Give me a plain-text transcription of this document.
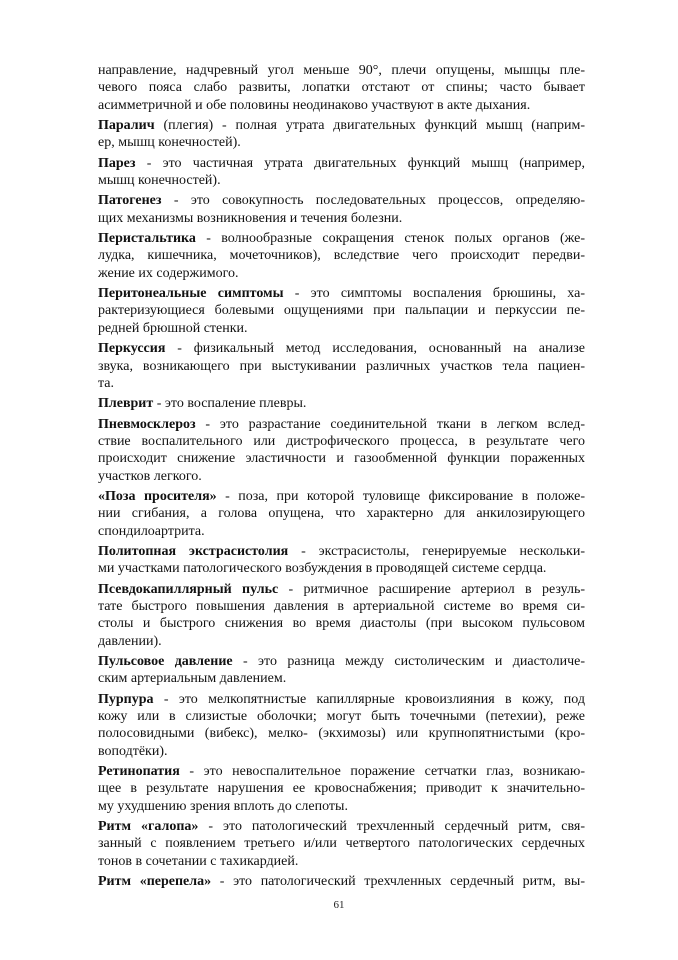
направление, надчревный угол меньше 90°, плечи опущены, мышцы пле-
чевого пояса слабо развиты, лопатки отстают от спины; часто бывает
асимметричной и обе половины неодинаково участвуют в акте дыхания.
Паралич (плегия) - полная утрата двигательных функций мышц (наприм-
ер, мышц конечностей).
Парез - это частичная утрата двигательных функций мышц (например,
мышц конечностей).
Патогенез - это совокупность последовательных процессов, определяю-
щих механизмы возникновения и течения болезни.
Перистальтика - волнообразные сокращения стенок полых органов (же-
лудка, кишечника, мочеточников), вследствие чего происходит передви-
жение их содержимого.
Перитонеальные симптомы - это симптомы воспаления брюшины, ха-
рактеризующиеся болевыми ощущениями при пальпации и перкуссии пе-
редней брюшной стенки.
Перкуссия - физикальный метод исследования, основанный на анализе
звука, возникающего при выстукивании различных участков тела пациен-
та.
Плеврит - это воспаление плевры.
Пневмосклероз - это разрастание соединительной ткани в легком вслед-
ствие воспалительного или дистрофического процесса, в результате чего
происходит снижение эластичности и газообменной функции пораженных
участков легкого.
«Поза просителя» - поза, при которой туловище фиксирование в положе-
нии сгибания, а голова опущена, что характерно для анкилозирующего
спондилоартрита.
Политопная экстрасистолия - экстрасистолы, генерируемые нескольки-
ми участками патологического возбуждения в проводящей системе сердца.
Псевдокапиллярный пульс - ритмичное расширение артериол в резуль-
тате быстрого повышения давления в артериальной системе во время си-
столы и быстрого снижения во время диастолы (при высоком пульсовом
давлении).
Пульсовое давление - это разница между систолическим и диастоличе-
ским артериальным давлением.
Пурпура - это мелкопятнистые капиллярные кровоизлияния в кожу, под
кожу или в слизистые оболочки; могут быть точечными (петехии), реже
полосовидными (вибекс), мелко- (экхимозы) или крупнопятнистыми (кро-
воподтёки).
Ретинопатия - это невоспалительное поражение сетчатки глаз, возникаю-
щее в результате нарушения ее кровоснабжения; приводит к значительно-
му ухудшению зрения вплоть до слепоты.
Ритм «галопа» - это патологический трехчленный сердечный ритм, свя-
занный с появлением третьего и/или четвертого патологических сердечных
тонов в сочетании с тахикардией.
Ритм «перепела» - это патологический трехчленных сердечный ритм, вы-
61
